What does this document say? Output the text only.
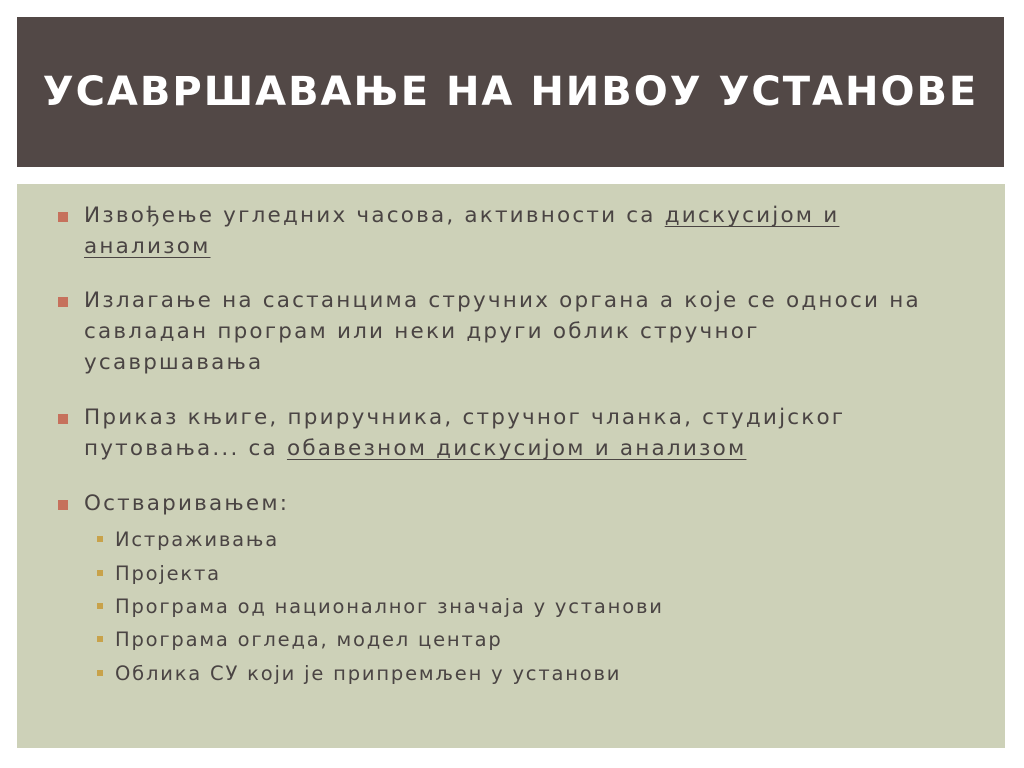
УСАВРШАВАЊЕ НА НИВОУ УСТАНОВЕ
Извођење угледних часова, активности са дискусијом и анализом
Излагање на састанцима стручних органа а које се односи на савладан програм или неки други облик стручног усавршавања
Приказ књиге, приручника, стручног чланка, студијског путовања... са обавезном дискусијом и анализом
Остваривањем:
Истраживања
Пројекта
Програма од националног значаја у установи
Програма огледа, модел центар
Облика СУ који је припремљен у установи
